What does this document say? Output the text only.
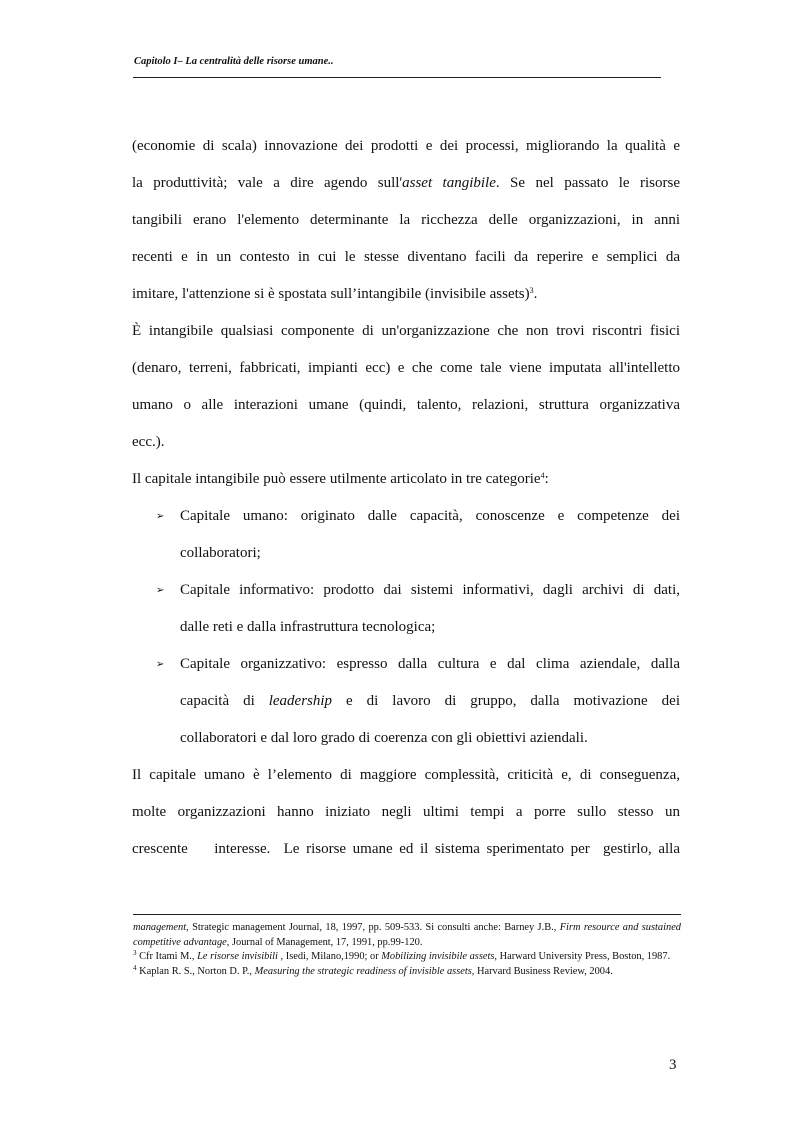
Capitolo I– La centralità delle risorse umane..

(economie di scala) innovazione dei prodotti e dei processi, migliorando la qualità e

la produttività; vale a dire agendo sull'asset tangibile. Se nel passato le risorse

tangibili erano l'elemento determinante la ricchezza delle organizzazioni, in anni

recenti e in un contesto in cui le stesse diventano facili da reperire e semplici da

imitare, l'attenzione si è spostata sull’intangibile (invisibile assets)$^3$.

È intangibile qualsiasi componente di un'organizzazione che non trovi riscontri fisici

(denaro, terreni, fabbricati, impianti ecc) e che come tale viene imputata all'intelletto

umano o alle interazioni umane (quindi, talento, relazioni, struttura organizzativa

ecc.).

Il capitale intangibile può essere utilmente articolato in tre categorie$^4$:

➢ Capitale umano: originato dalle capacità, conoscenze e competenze dei
collaboratori;
➢ Capitale informativo: prodotto dai sistemi informativi, dagli archivi di dati,
dalle reti e dalla infrastruttura tecnologica;
➢ Capitale organizzativo: espresso dalla cultura e dal clima aziendale, dalla
capacità di leadership e di lavoro di gruppo, dalla motivazione dei
collaboratori e dal loro grado di coerenza con gli obiettivi aziendali.

Il capitale umano è l’elemento di maggiore complessità, criticità e, di conseguenza,

molte organizzazioni hanno iniziato negli ultimi tempi a porre sullo stesso un

crescente    interesse.  Le risorse umane ed il sistema sperimentato per  gestirlo, alla

management, Strategic management Journal, 18, 1997, pp. 509-533. Si consulti anche: Barney J.B., Firm resource and sustained competitive advantage, Journal of Management, 17, 1991, pp.99-120.

$^3$ Cfr Itami M., Le risorse invisibili , Isedi, Milano,1990; or Mobilizing invisibile assets, Harward University Press, Boston, 1987.

$^4$ Kaplan R. S., Norton D. P., Measuring the strategic readiness of invisible assets, Harvard Business Review, 2004.

3
